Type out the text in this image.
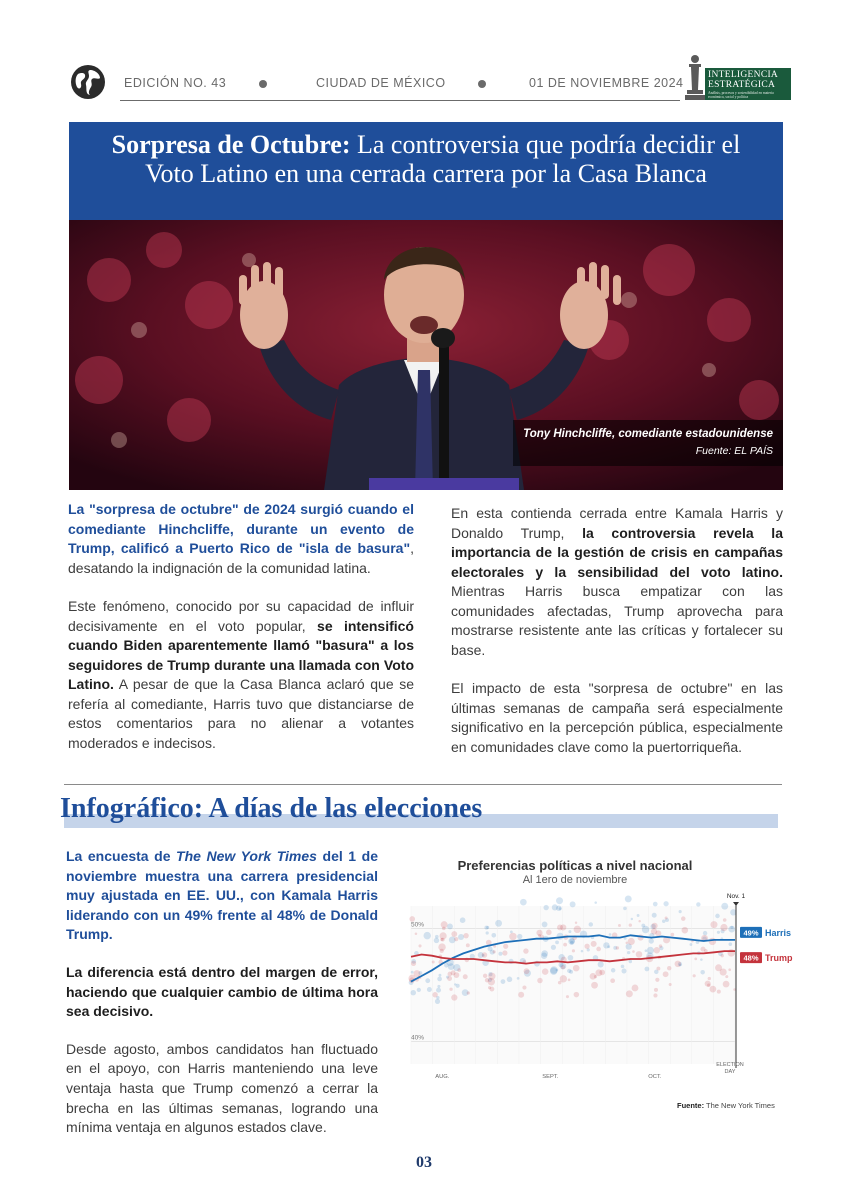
EDICIÓN NO. 43	CIUDAD DE MÉXICO	01 DE NOVIEMBRE 2024
INTELIGENCIA
ESTRATÉGICA
Análisis, procesos y sostenibilidad en materia económica, social y política
Sorpresa de Octubre: La controversia que podría decidir el Voto Latino en una cerrada carrera por la Casa Blanca
Tony Hinchcliffe, comediante estadounidense
Fuente: EL PAÍS

La "sorpresa de octubre" de 2024 surgió cuando el comediante Hinchcliffe, durante un evento de Trump, calificó a Puerto Rico de "isla de basura", desatando la indignación de la comunidad latina.

Este fenómeno, conocido por su capacidad de influir decisivamente en el voto popular, se intensificó cuando Biden aparentemente llamó "basura" a los seguidores de Trump durante una llamada con Voto Latino. A pesar de que la Casa Blanca aclaró que se refería al comediante, Harris tuvo que distanciarse de estos comentarios para no alienar a votantes moderados e indecisos.

En esta contienda cerrada entre Kamala Harris y Donaldo Trump, la controversia revela la importancia de la gestión de crisis en campañas electorales y la sensibilidad del voto latino. Mientras Harris busca empatizar con las comunidades afectadas, Trump aprovecha para mostrarse resistente ante las críticas y fortalecer su base.

El impacto de esta "sorpresa de octubre" en las últimas semanas de campaña será especialmente significativo en la percepción pública, especialmente en comunidades clave como la puertorriqueña.

Infográfico: A días de las elecciones

La encuesta de The New York Times del 1 de noviembre muestra una carrera presidencial muy ajustada en EE. UU., con Kamala Harris liderando con un 49% frente al 48% de Donald Trump.

La diferencia está dentro del margen de error, haciendo que cualquier cambio de última hora sea decisivo.

Desde agosto, ambos candidatos han fluctuado en el apoyo, con Harris manteniendo una leve ventaja hasta que Trump comenzó a cerrar la brecha en las últimas semanas, logrando una mínima ventaja en algunos estados clave.

Preferencias políticas a nivel nacional
Al 1ero de noviembre
50%
40%
Nov. 1
49% Harris
48% Trump
AUG.	SEPT.	OCT.
ELECTION
DAY
Fuente: The New York Times
03
